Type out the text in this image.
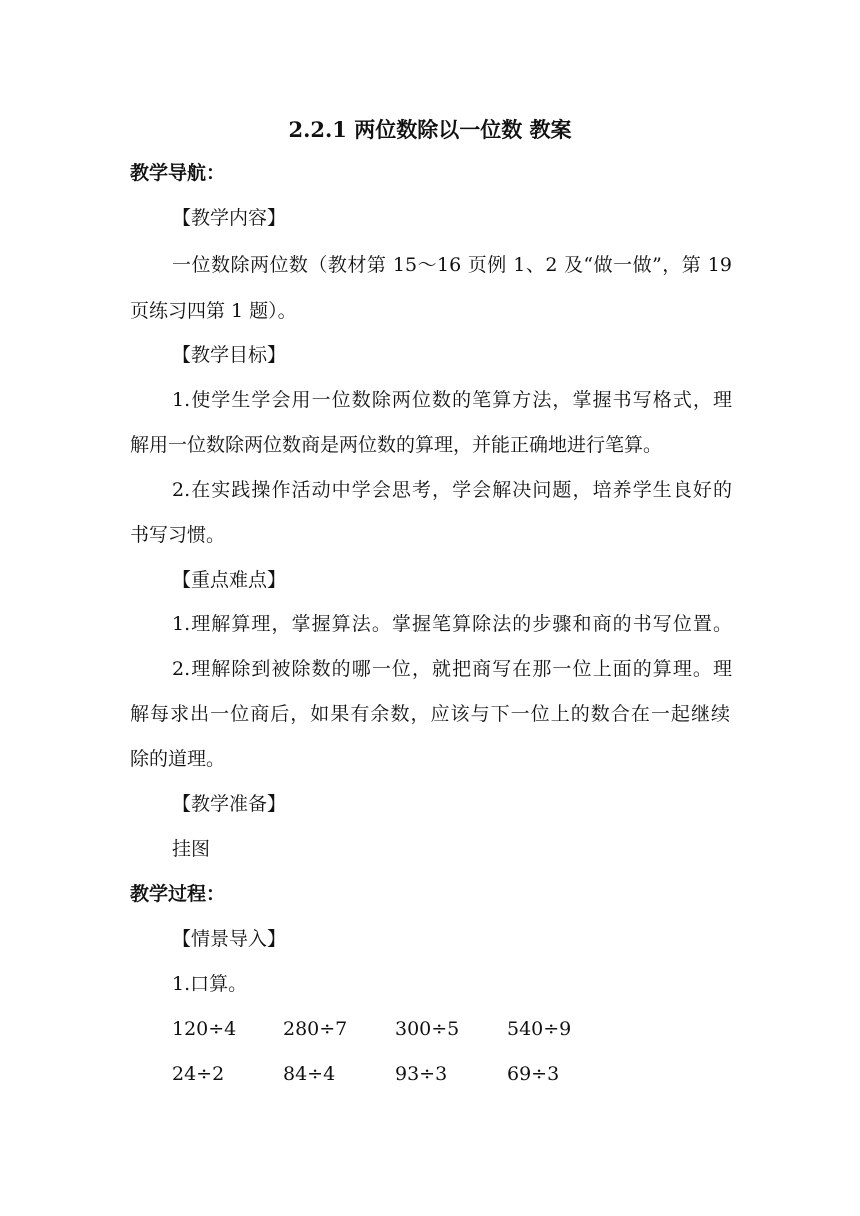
2.2.1 两位数除以一位数 教案
教学导航：
【教学内容】
一位数除两位数（教材第 15～16 页例 1、2 及“做一做”，第 19
页练习四第 1 题）。
【教学目标】
1.使学生学会用一位数除两位数的笔算方法，掌握书写格式，理
解用一位数除两位数商是两位数的算理，并能正确地进行笔算。
2.在实践操作活动中学会思考，学会解决问题，培养学生良好的
书写习惯。
【重点难点】
1.理解算理，掌握算法。掌握笔算除法的步骤和商的书写位置。
2.理解除到被除数的哪一位，就把商写在那一位上面的算理。理
解每求出一位商后，如果有余数，应该与下一位上的数合在一起继续
除的道理。
【教学准备】
挂图
教学过程：
【情景导入】
1.口算。
120÷4 280÷7	300÷5	540÷9
24÷2	84÷4	93÷3	69÷3
